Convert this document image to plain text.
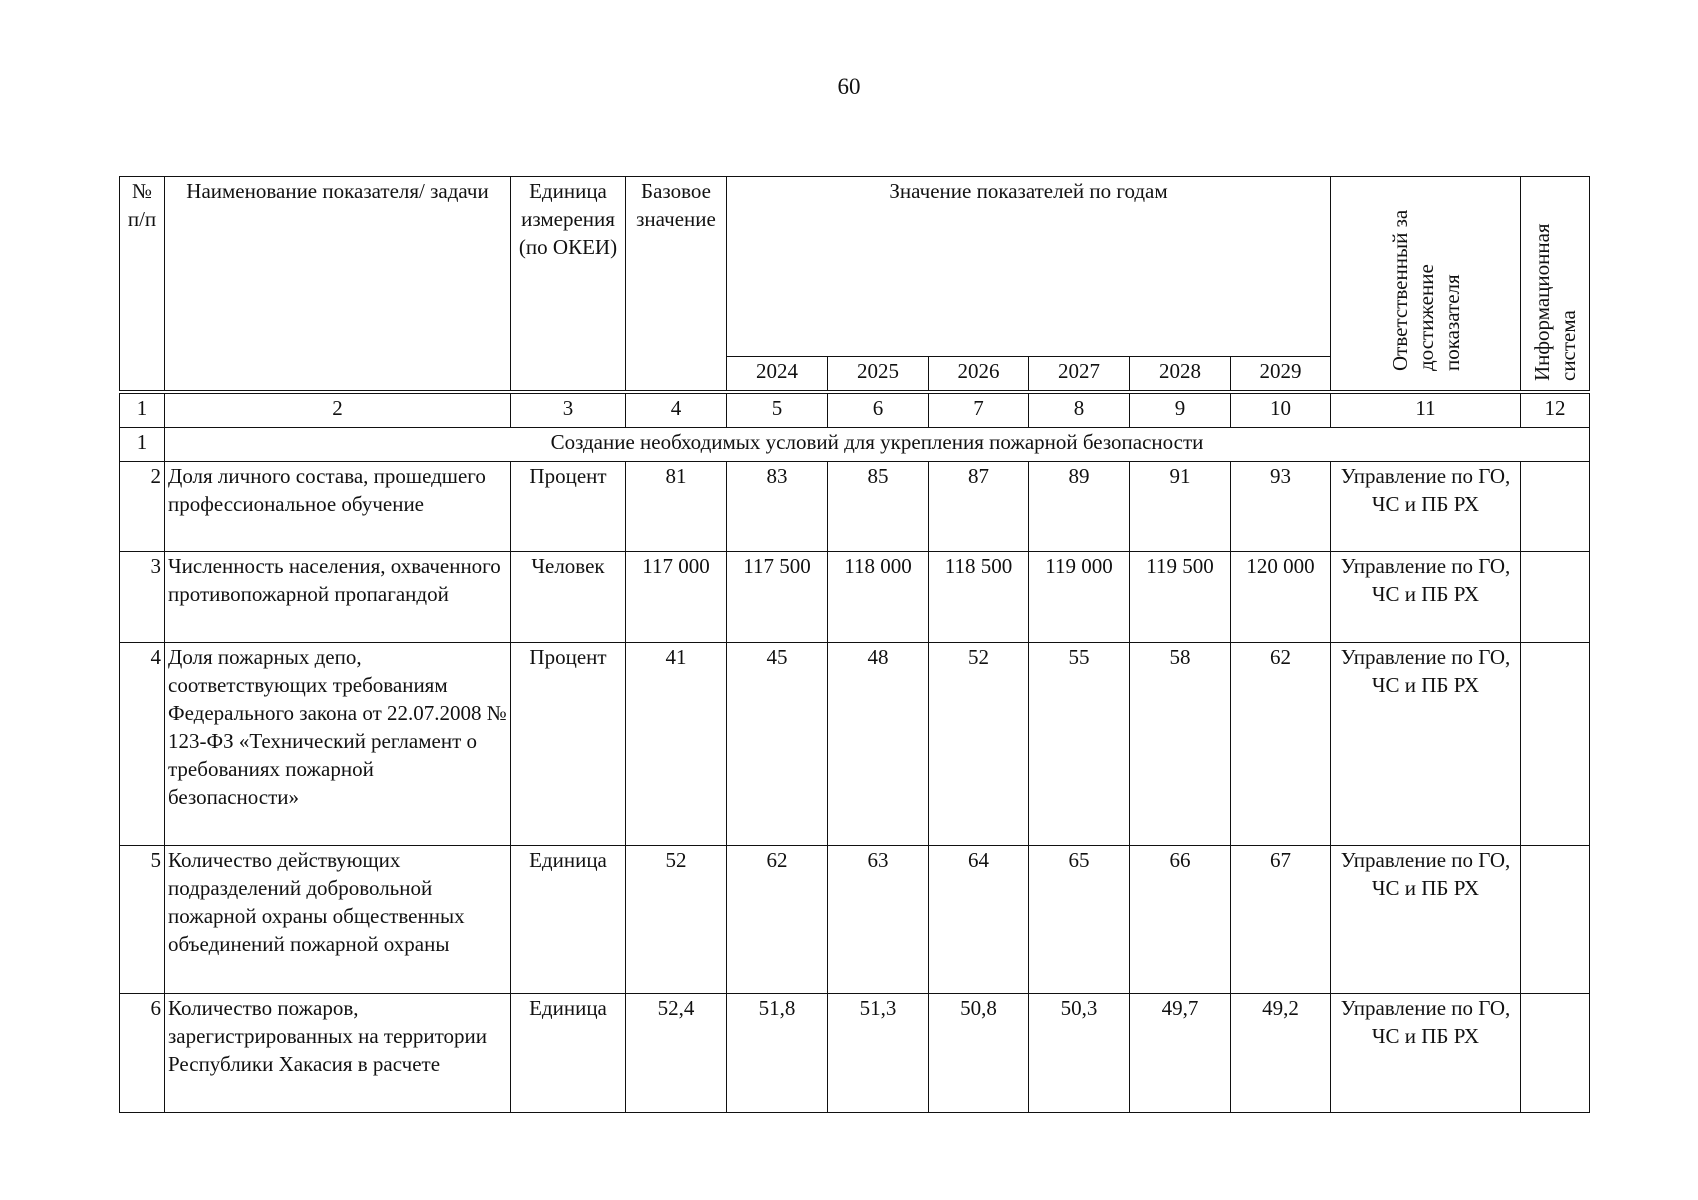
60
№ п/п	Наименование показателя/ задачи	Единица измерения (по ОКЕИ)	Базовое значение	Значение показателей по годам						Ответственный за достижение показателя	Информационная система

				2024	2025	2026	2027	2028	2029		
1	2	3	4	5	6	7	8	9	10	11	12
1	Создание необходимых условий для укрепления пожарной безопасности										
2	Доля личного состава, прошедшего профессиональное обучение	Процент	81	83	85	87	89	91	93	Управление по ГО, ЧС и ПБ РХ	
3	Численность населения, охваченного противопожарной пропагандой	Человек	117 000	117 500	118 000	118 500	119 000	119 500	120 000	Управление по ГО, ЧС и ПБ РХ	
4	Доля пожарных депо, соответствующих требованиям Федерального закона от 22.07.2008 № 123-ФЗ «Технический регламент о требованиях пожарной безопасности»	Процент	41	45	48	52	55	58	62	Управление по ГО, ЧС и ПБ РХ	
5	Количество действующих подразделений добровольной пожарной охраны общественных объединений пожарной охраны	Единица	52	62	63	64	65	66	67	Управление по ГО, ЧС и ПБ РХ	
6	Количество пожаров, зарегистрированных на территории Республики Хакасия в расчете	Единица	52,4	51,8	51,3	50,8	50,3	49,7	49,2	Управление по ГО, ЧС и ПБ РХ	
